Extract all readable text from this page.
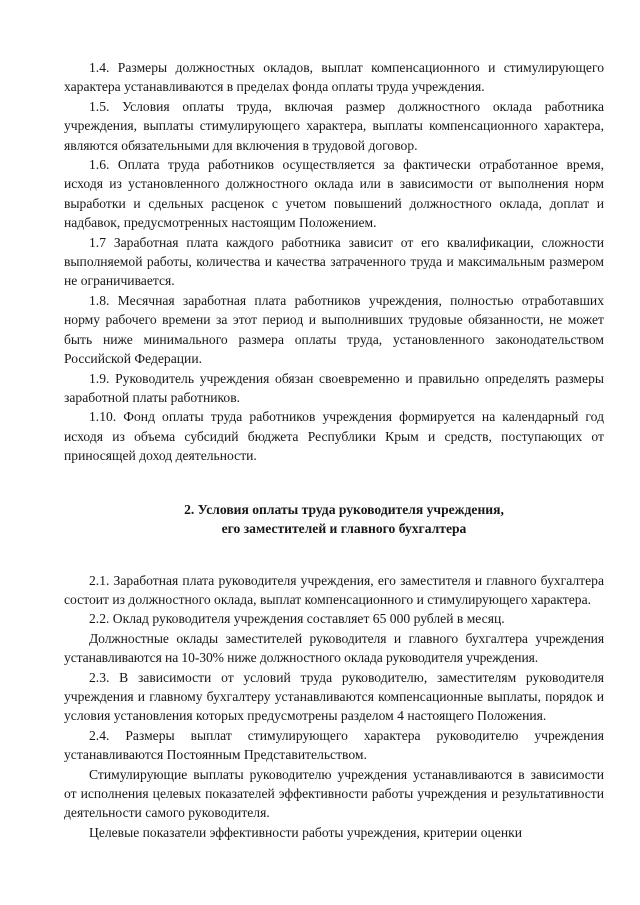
1.4. Размеры должностных окладов, выплат компенсационного и стимулирующего характера устанавливаются в пределах фонда оплаты труда учреждения.

1.5. Условия оплаты труда, включая размер должностного оклада работника учреждения, выплаты стимулирующего характера, выплаты компенсационного характера, являются обязательными для включения в трудовой договор.

1.6. Оплата труда работников осуществляется за фактически отработанное время, исходя из установленного должностного оклада или в зависимости от выполнения норм выработки и сдельных расценок с учетом повышений должностного оклада, доплат и надбавок, предусмотренных настоящим Положением.

1.7 Заработная плата каждого работника зависит от его квалификации, сложности выполняемой работы, количества и качества затраченного труда и максимальным размером не ограничивается.

1.8. Месячная заработная плата работников учреждения, полностью отработавших норму рабочего времени за этот период и выполнивших трудовые обязанности, не может быть ниже минимального размера оплаты труда, установленного законодательством Российской Федерации.

1.9. Руководитель учреждения обязан своевременно и правильно определять размеры заработной платы работников.

1.10. Фонд оплаты труда работников учреждения формируется на календарный год исходя из объема субсидий бюджета Республики Крым и средств, поступающих от приносящей доход деятельности.

2. Условия оплаты труда руководителя учреждения,
его заместителей и главного бухгалтера

2.1. Заработная плата руководителя учреждения, его заместителя и главного бухгалтера состоит из должностного оклада, выплат компенсационного и стимулирующего характера.

2.2. Оклад руководителя учреждения составляет 65 000 рублей в месяц.

Должностные оклады заместителей руководителя и главного бухгалтера учреждения устанавливаются на 10-30% ниже должностного оклада руководителя учреждения.

2.3. В зависимости от условий труда руководителю, заместителям руководителя учреждения и главному бухгалтеру устанавливаются компенсационные выплаты, порядок и условия установления которых предусмотрены разделом 4 настоящего Положения.

2.4. Размеры выплат стимулирующего характера руководителю учреждения устанавливаются Постоянным Представительством.

Стимулирующие выплаты руководителю учреждения устанавливаются в зависимости от исполнения целевых показателей эффективности работы учреждения и результативности деятельности самого руководителя.

Целевые показатели эффективности работы учреждения, критерии оценки
